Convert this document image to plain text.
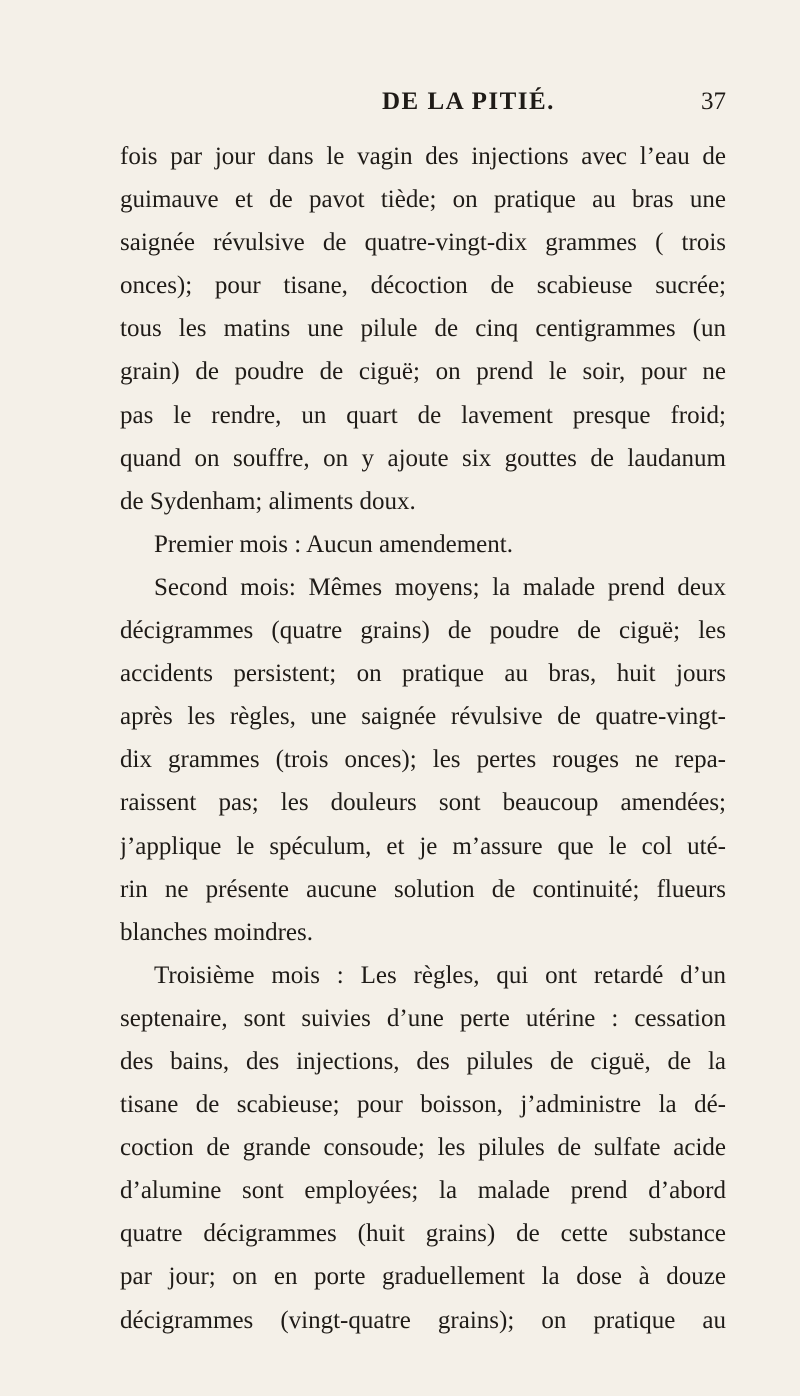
DE LA PITIÉ.	37
fois par jour dans le vagin des injections avec l’eau de
guimauve et de pavot tiède; on pratique au bras une
saignée révulsive de quatre-vingt-dix grammes ( trois
onces); pour tisane, décoction de scabieuse sucrée;
tous les matins une pilule de cinq centigrammes (un
grain) de poudre de ciguë; on prend le soir, pour ne
pas le rendre, un quart de lavement presque froid;
quand on souffre, on y ajoute six gouttes de laudanum
de Sydenham; aliments doux.
Premier mois : Aucun amendement.
Second mois: Mêmes moyens; la malade prend deux
décigrammes (quatre grains) de poudre de ciguë; les
accidents persistent; on pratique au bras, huit jours
après les règles, une saignée révulsive de quatre-vingt-
dix grammes (trois onces); les pertes rouges ne repa-
raissent pas; les douleurs sont beaucoup amendées;
j’applique le spéculum, et je m’assure que le col uté-
rin ne présente aucune solution de continuité; flueurs
blanches moindres.
Troisième mois : Les règles, qui ont retardé d’un
septenaire, sont suivies d’une perte utérine : cessation
des bains, des injections, des pilules de ciguë, de la
tisane de scabieuse; pour boisson, j’administre la dé-
coction de grande consoude; les pilules de sulfate acide
d’alumine sont employées; la malade prend d’abord
quatre décigrammes (huit grains) de cette substance
par jour; on en porte graduellement la dose à douze
décigrammes (vingt-quatre grains); on pratique au
